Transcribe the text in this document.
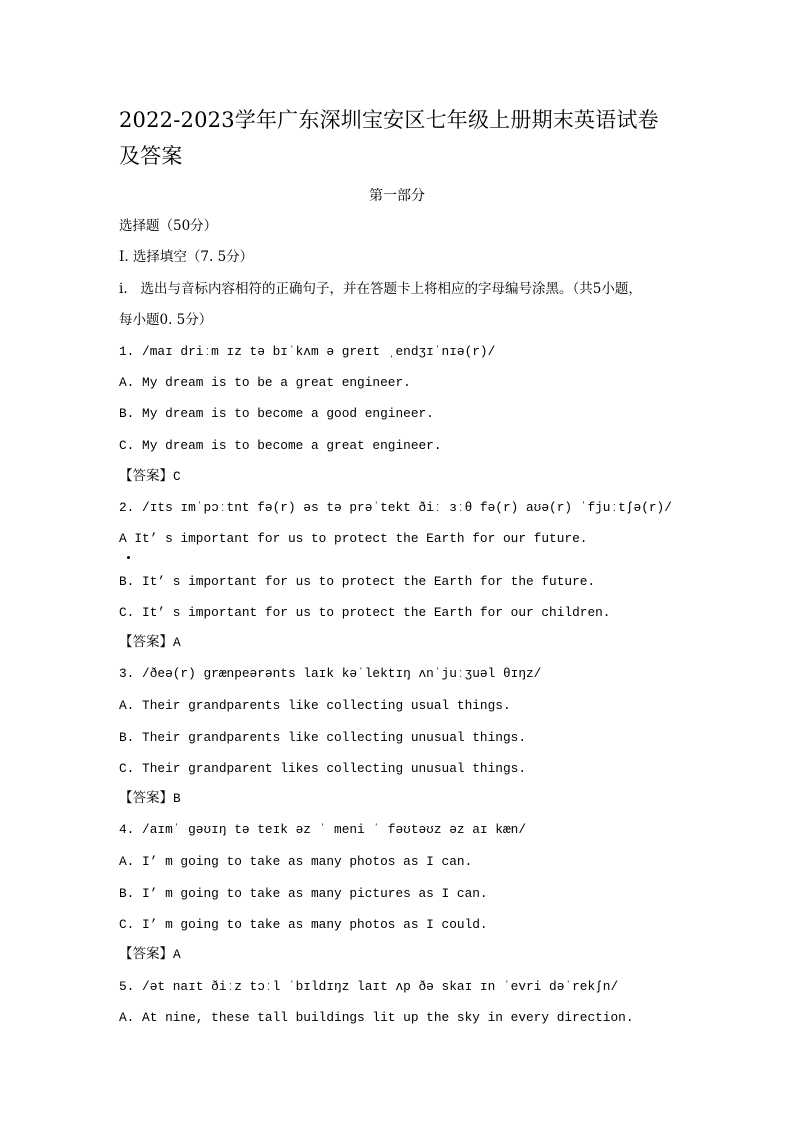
2022-2023学年广东深圳宝安区七年级上册期末英语试卷及答案
第一部分
选择题（50分）
I. 选择填空（7. 5分）
i.   选出与音标内容相符的正确句子，并在答题卡上将相应的字母编号涂黑。（共5小题，
每小题0. 5分）
1. /maɪ driːm ɪz tə bɪˈkʌm ə ɡreɪt ˌendʒɪˈnɪə(r)/
A. My dream is to be a great engineer.
B. My dream is to become a good engineer.
C. My dream is to become a great engineer.
【答案】C
2. /ɪts ɪmˈpɔːtnt fə(r) əs tə prəˈtekt ðiː ɜːθ fə(r) aʊə(r) ˈfjuːtʃə(r)/
A It’ s important for us to protect the Earth for our future.
B. It’ s important for us to protect the Earth for the future.
C. It’ s important for us to protect the Earth for our children.
【答案】A
3. /ðeə(r) ɡrænpeərənts laɪk kəˈlektɪŋ ʌnˈjuːʒuəl θɪŋz/
A. Their grandparents like collecting usual things.
B. Their grandparents like collecting unusual things.
C. Their grandparent likes collecting unusual things.
【答案】B
4. /aɪmˈ ɡəʊɪŋ tə teɪk əz ˈ meni ˈ fəʊtəʊz əz aɪ kæn/
A. I’ m going to take as many photos as I can.
B. I’ m going to take as many pictures as I can.
C. I’ m going to take as many photos as I could.
【答案】A
5. /ət naɪt ðiːz tɔːl ˈbɪldɪŋz laɪt ʌp ðə skaɪ ɪn ˈevri dəˈrekʃn/
A. At nine, these tall buildings lit up the sky in every direction.
